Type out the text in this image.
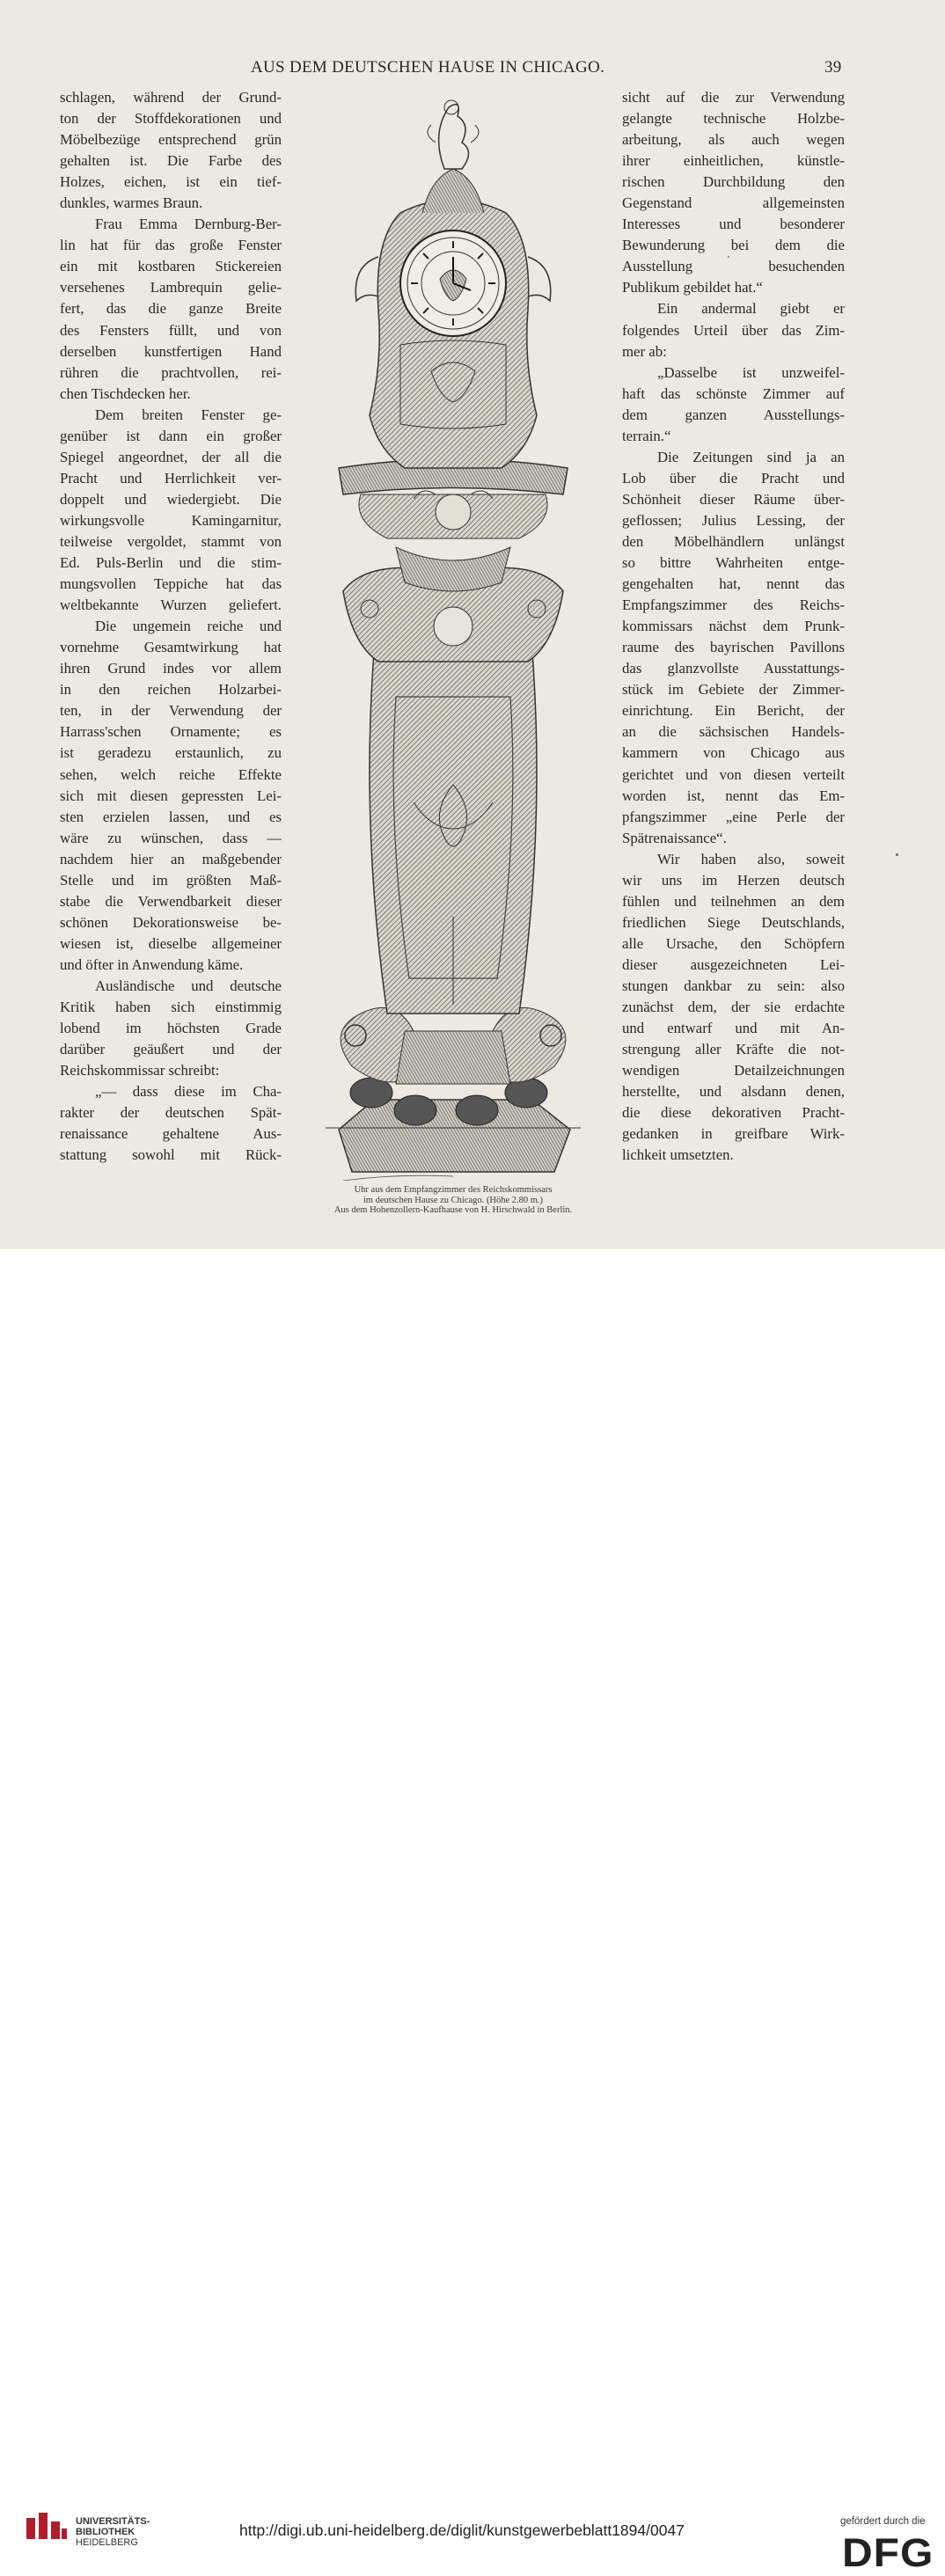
AUS DEM DEUTSCHEN HAUSE IN CHICAGO.	39
schlagen, während der Grund-
ton der Stoffdekorationen und
Möbelbezüge entsprechend grün
gehalten ist. Die Farbe des
Holzes, eichen, ist ein tief-
dunkles, warmes Braun.
Frau Emma Dernburg-Ber-
lin hat für das große Fenster
ein mit kostbaren Stickereien
versehenes Lambrequin gelie-
fert, das die ganze Breite
des Fensters füllt, und von
derselben kunstfertigen Hand
rühren die prachtvollen, rei-
chen Tischdecken her.
Dem breiten Fenster ge-
genüber ist dann ein großer
Spiegel angeordnet, der all die
Pracht und Herrlichkeit ver-
doppelt und wiedergiebt. Die
wirkungsvolle Kamingarnitur,
teilweise vergoldet, stammt von
Ed. Puls-Berlin und die stim-
mungsvollen Teppiche hat das
weltbekannte Wurzen geliefert.
Die ungemein reiche und
vornehme Gesamtwirkung hat
ihren Grund indes vor allem
in den reichen Holzarbei-
ten, in der Verwendung der
Harrass'schen Ornamente; es
ist geradezu erstaunlich, zu
sehen, welch reiche Effekte
sich mit diesen gepressten Lei-
sten erzielen lassen, und es
wäre zu wünschen, dass —
nachdem hier an maßgebender
Stelle und im größten Maß-
stabe die Verwendbarkeit dieser
schönen Dekorationsweise be-
wiesen ist, dieselbe allgemeiner
und öfter in Anwendung käme.
Ausländische und deutsche
Kritik haben sich einstimmig
lobend im höchsten Grade
darüber geäußert und der
Reichskommissar schreibt:
„— dass diese im Cha-
rakter der deutschen Spät-
renaissance gehaltene Aus-
stattung sowohl mit Rück-
sicht auf die zur Verwendung
gelangte technische Holzbe-
arbeitung, als auch wegen
ihrer einheitlichen, künstle-
rischen Durchbildung den
Gegenstand allgemeinsten
Interesses und besonderer
Bewunderung bei dem die
Ausstellung besuchenden
Publikum gebildet hat.“
Ein andermal giebt er
folgendes Urteil über das Zim-
mer ab:
„Dasselbe ist unzweifel-
haft das schönste Zimmer auf
dem ganzen Ausstellungs-
terrain.“
Die Zeitungen sind ja an
Lob über die Pracht und
Schönheit dieser Räume über-
geflossen; Julius Lessing, der
den Möbelhändlern unlängst
so bittre Wahrheiten entge-
gengehalten hat, nennt das
Empfangszimmer des Reichs-
kommissars nächst dem Prunk-
raume des bayrischen Pavillons
das glanzvollste Ausstattungs-
stück im Gebiete der Zimmer-
einrichtung. Ein Bericht, der
an die sächsischen Handels-
kammern von Chicago aus
gerichtet und von diesen verteilt
worden ist, nennt das Em-
pfangszimmer „eine Perle der
Spätrenaissance“.
Wir haben also, soweit
wir uns im Herzen deutsch
fühlen und teilnehmen an dem
friedlichen Siege Deutschlands,
alle Ursache, den Schöpfern
dieser ausgezeichneten Lei-
stungen dankbar zu sein: also
zunächst dem, der sie erdachte
und entwarf und mit An-
strengung aller Kräfte die not-
wendigen Detailzeichnungen
herstellte, und alsdann denen,
die diese dekorativen Pracht-
gedanken in greifbare Wirk-
lichkeit umsetzten.
Uhr aus dem Empfangzimmer des Reichskommissars
im deutschen Hause zu Chicago. (Höhe 2.80 m.)
Aus dem Hohenzollern-Kaufhause von H. Hirschwald in Berlin.
UNIVERSITÄTS-
BIBLIOTHEK
HEIDELBERG
http://digi.ub.uni-heidelberg.de/diglit/kunstgewerbeblatt1894/0047	gefördert durch die
DFG
